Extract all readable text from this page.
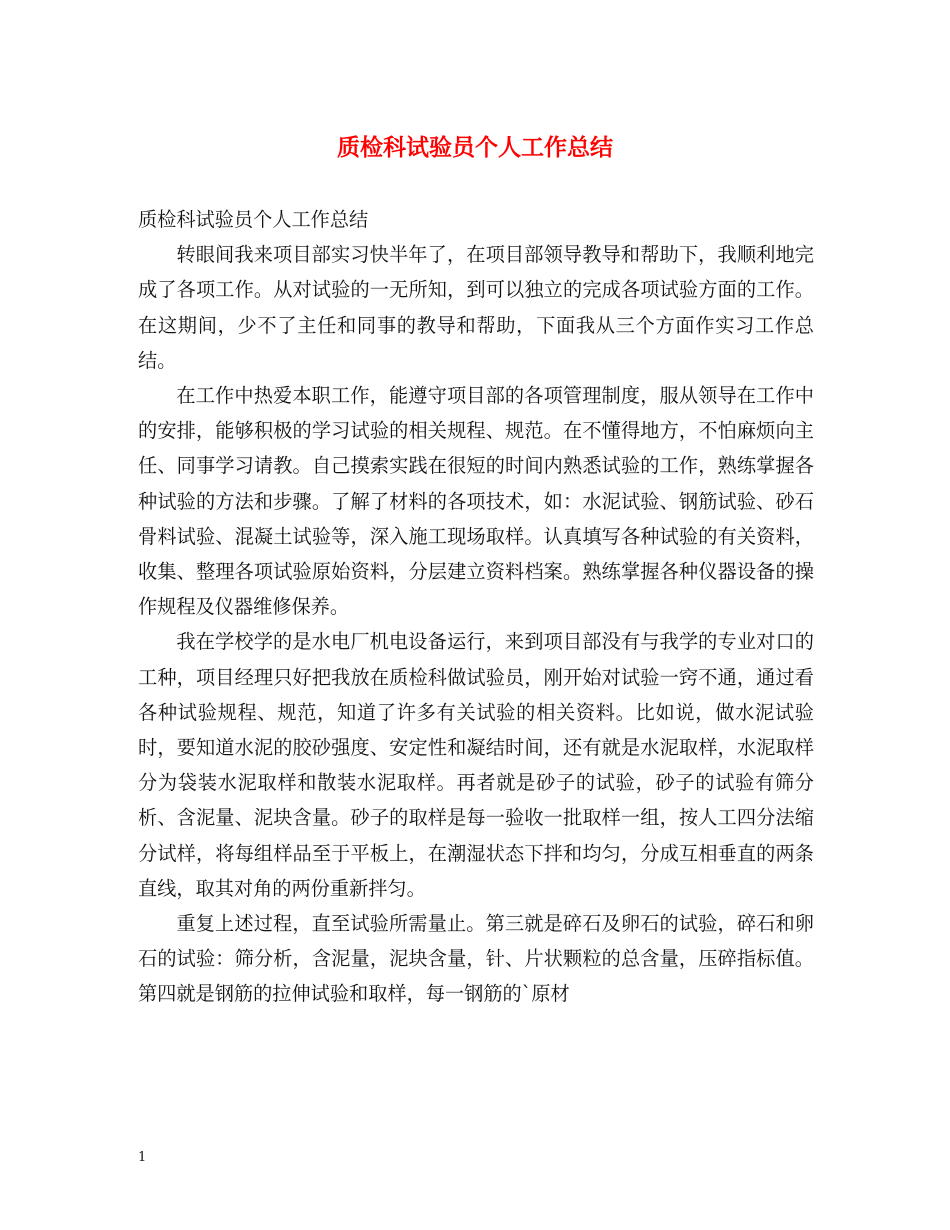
质检科试验员个人工作总结

质检科试验员个人工作总结

转眼间我来项目部实习快半年了，在项目部领导教导和帮助下，我顺利地完成了各项工作。从对试验的一无所知，到可以独立的完成各项试验方面的工作。在这期间，少不了主任和同事的教导和帮助，下面我从三个方面作实习工作总结。

在工作中热爱本职工作，能遵守项目部的各项管理制度，服从领导在工作中的安排，能够积极的学习试验的相关规程、规范。在不懂得地方，不怕麻烦向主任、同事学习请教。自己摸索实践在很短的时间内熟悉试验的工作，熟练掌握各种试验的方法和步骤。了解了材料的各项技术，如：水泥试验、钢筋试验、砂石骨料试验、混凝土试验等，深入施工现场取样。认真填写各种试验的有关资料，收集、整理各项试验原始资料，分层建立资料档案。熟练掌握各种仪器设备的操作规程及仪器维修保养。

我在学校学的是水电厂机电设备运行，来到项目部没有与我学的专业对口的工种，项目经理只好把我放在质检科做试验员，刚开始对试验一窍不通，通过看各种试验规程、规范，知道了许多有关试验的相关资料。比如说，做水泥试验时，要知道水泥的胶砂强度、安定性和凝结时间，还有就是水泥取样，水泥取样分为袋装水泥取样和散装水泥取样。再者就是砂子的试验，砂子的试验有筛分析、含泥量、泥块含量。砂子的取样是每一验收一批取样一组，按人工四分法缩分试样，将每组样品至于平板上，在潮湿状态下拌和均匀，分成互相垂直的两条直线，取其对角的两份重新拌匀。

重复上述过程，直至试验所需量止。第三就是碎石及卵石的试验，碎石和卵石的试验：筛分析，含泥量，泥块含量，针、片状颗粒的总含量，压碎指标值。第四就是钢筋的拉伸试验和取样，每一钢筋的`原材

1
